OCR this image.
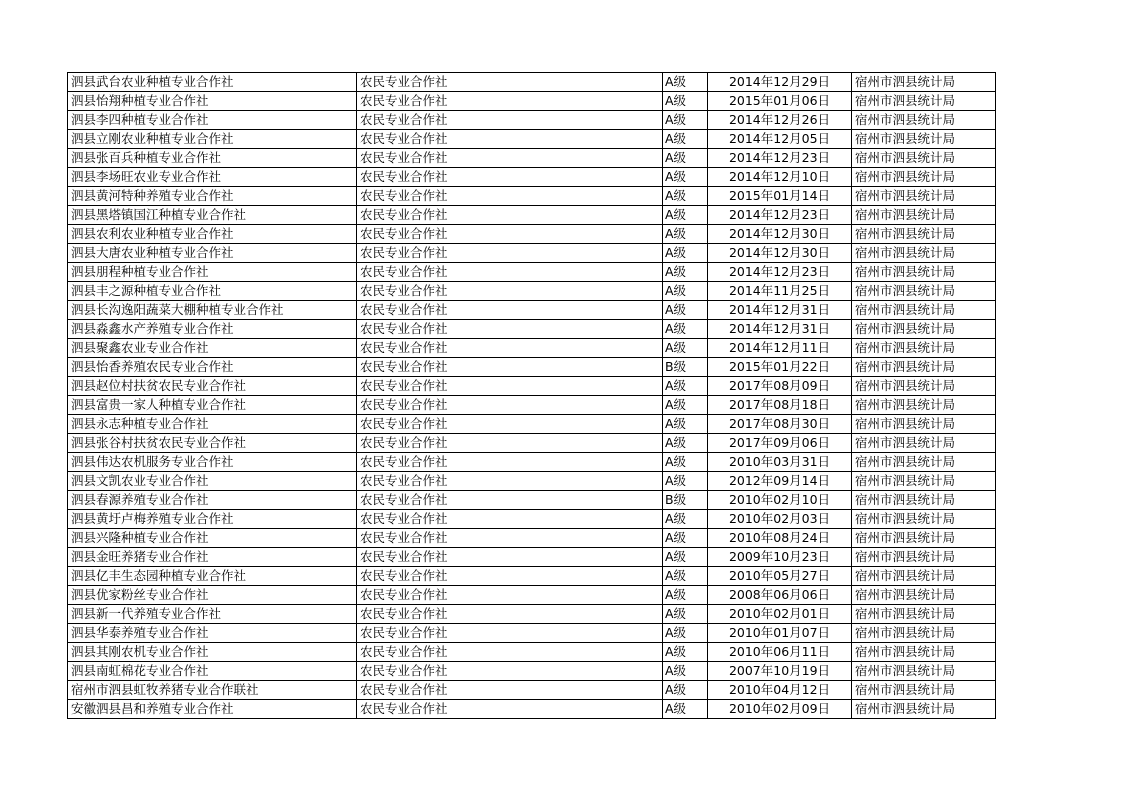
泗县武台农业种植专业合作社	农民专业合作社	A级	2014年12月29日	宿州市泗县统计局
泗县怡翔种植专业合作社	农民专业合作社	A级	2015年01月06日	宿州市泗县统计局
泗县李四种植专业合作社	农民专业合作社	A级	2014年12月26日	宿州市泗县统计局
泗县立刚农业种植专业合作社	农民专业合作社	A级	2014年12月05日	宿州市泗县统计局
泗县张百兵种植专业合作社	农民专业合作社	A级	2014年12月23日	宿州市泗县统计局
泗县李场旺农业专业合作社	农民专业合作社	A级	2014年12月10日	宿州市泗县统计局
泗县黄河特种养殖专业合作社	农民专业合作社	A级	2015年01月14日	宿州市泗县统计局
泗县黑塔镇国江种植专业合作社	农民专业合作社	A级	2014年12月23日	宿州市泗县统计局
泗县农利农业种植专业合作社	农民专业合作社	A级	2014年12月30日	宿州市泗县统计局
泗县大唐农业种植专业合作社	农民专业合作社	A级	2014年12月30日	宿州市泗县统计局
泗县朋程种植专业合作社	农民专业合作社	A级	2014年12月23日	宿州市泗县统计局
泗县丰之源种植专业合作社	农民专业合作社	A级	2014年11月25日	宿州市泗县统计局
泗县长沟逸阳蔬菜大棚种植专业合作社	农民专业合作社	A级	2014年12月31日	宿州市泗县统计局
泗县淼鑫水产养殖专业合作社	农民专业合作社	A级	2014年12月31日	宿州市泗县统计局
泗县聚鑫农业专业合作社	农民专业合作社	A级	2014年12月11日	宿州市泗县统计局
泗县怡香养殖农民专业合作社	农民专业合作社	B级	2015年01月22日	宿州市泗县统计局
泗县赵位村扶贫农民专业合作社	农民专业合作社	A级	2017年08月09日	宿州市泗县统计局
泗县富贵一家人种植专业合作社	农民专业合作社	A级	2017年08月18日	宿州市泗县统计局
泗县永志种植专业合作社	农民专业合作社	A级	2017年08月30日	宿州市泗县统计局
泗县张谷村扶贫农民专业合作社	农民专业合作社	A级	2017年09月06日	宿州市泗县统计局
泗县伟达农机服务专业合作社	农民专业合作社	A级	2010年03月31日	宿州市泗县统计局
泗县文凯农业专业合作社	农民专业合作社	A级	2012年09月14日	宿州市泗县统计局
泗县春源养殖专业合作社	农民专业合作社	B级	2010年02月10日	宿州市泗县统计局
泗县黄圩卢梅养殖专业合作社	农民专业合作社	A级	2010年02月03日	宿州市泗县统计局
泗县兴隆种植专业合作社	农民专业合作社	A级	2010年08月24日	宿州市泗县统计局
泗县金旺养猪专业合作社	农民专业合作社	A级	2009年10月23日	宿州市泗县统计局
泗县亿丰生态园种植专业合作社	农民专业合作社	A级	2010年05月27日	宿州市泗县统计局
泗县优家粉丝专业合作社	农民专业合作社	A级	2008年06月06日	宿州市泗县统计局
泗县新一代养殖专业合作社	农民专业合作社	A级	2010年02月01日	宿州市泗县统计局
泗县华泰养殖专业合作社	农民专业合作社	A级	2010年01月07日	宿州市泗县统计局
泗县其刚农机专业合作社	农民专业合作社	A级	2010年06月11日	宿州市泗县统计局
泗县南虹棉花专业合作社	农民专业合作社	A级	2007年10月19日	宿州市泗县统计局
宿州市泗县虹牧养猪专业合作联社	农民专业合作社	A级	2010年04月12日	宿州市泗县统计局
安徽泗县昌和养殖专业合作社	农民专业合作社	A级	2010年02月09日	宿州市泗县统计局
